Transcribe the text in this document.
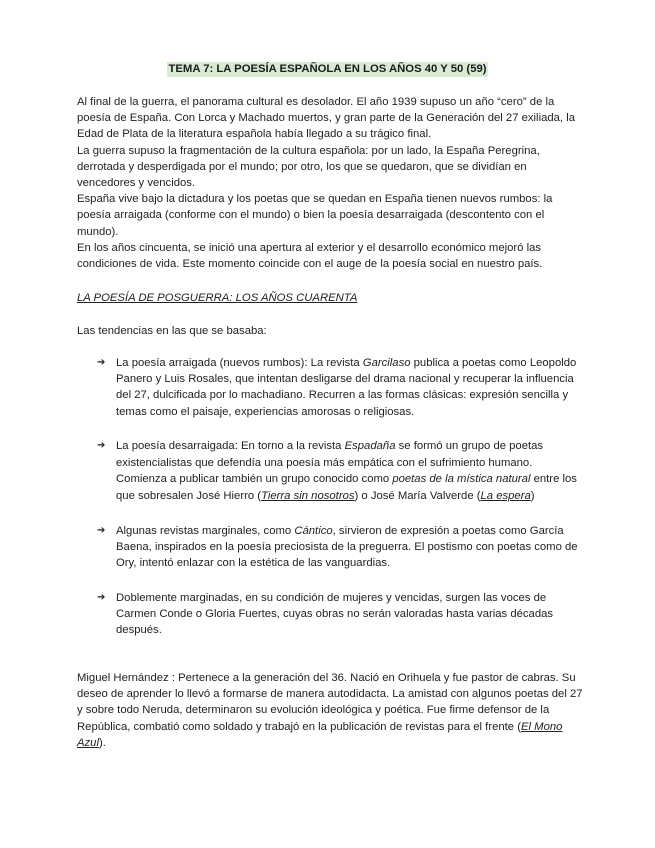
TEMA 7: LA POESÍA ESPAÑOLA EN LOS AÑOS 40 Y 50 (59)

Al final de la guerra, el panorama cultural es desolador. El año 1939 supuso un año “cero” de la poesía de España. Con Lorca y Machado muertos, y gran parte de la Generación del 27 exiliada, la Edad de Plata de la literatura española había llegado a su trágico final.

La guerra supuso la fragmentación de la cultura española: por un lado, la España Peregrina, derrotada y desperdigada por el mundo; por otro, los que se quedaron, que se dividían en vencedores y vencidos.

España vive bajo la dictadura y los poetas que se quedan en España tienen nuevos rumbos: la poesía arraigada (conforme con el mundo) o bien la poesía desarraigada (descontento con el mundo).

En los años cincuenta, se inició una apertura al exterior y el desarrollo económico mejoró las condiciones de vida. Este momento coincide con el auge de la poesía social en nuestro país.

LA POESÍA DE POSGUERRA: LOS AÑOS CUARENTA
Las tendencias en las que se basaba:
➔ La poesía arraigada (nuevos rumbos): La revista Garcilaso publica a poetas como Leopoldo Panero y Luis Rosales, que intentan desligarse del drama nacional y recuperar la influencia del 27, dulcificada por lo machadiano. Recurren a las formas clásicas: expresión sencilla y temas como el paisaje, experiencias amorosas o religiosas.
➔ La poesía desarraigada: En torno a la revista Espadaña se formó un grupo de poetas existencialistas que defendía una poesía más empática con el sufrimiento humano. Comienza a publicar también un grupo conocido como poetas de la mística natural entre los que sobresalen José Hierro (Tierra sin nosotros) o José María Valverde (La espera)
➔ Algunas revistas marginales, como Cántico, sirvieron de expresión a poetas como García Baena, inspirados en la poesía preciosista de la preguerra. El postismo con poetas como de Ory, intentó enlazar con la estética de las vanguardias.
➔ Doblemente marginadas, en su condición de mujeres y vencidas, surgen las voces de Carmen Conde o Gloria Fuertes, cuyas obras no serán valoradas hasta varias décadas después.
Miguel Hernández : Pertenece a la generación del 36. Nació en Orihuela y fue pastor de cabras. Su deseo de aprender lo llevó a formarse de manera autodidacta. La amistad con algunos poetas del 27 y sobre todo Neruda, determinaron su evolución ideológica y poética. Fue firme defensor de la República, combatió como soldado y trabajó en la publicación de revistas para el frente (El Mono Azul).
